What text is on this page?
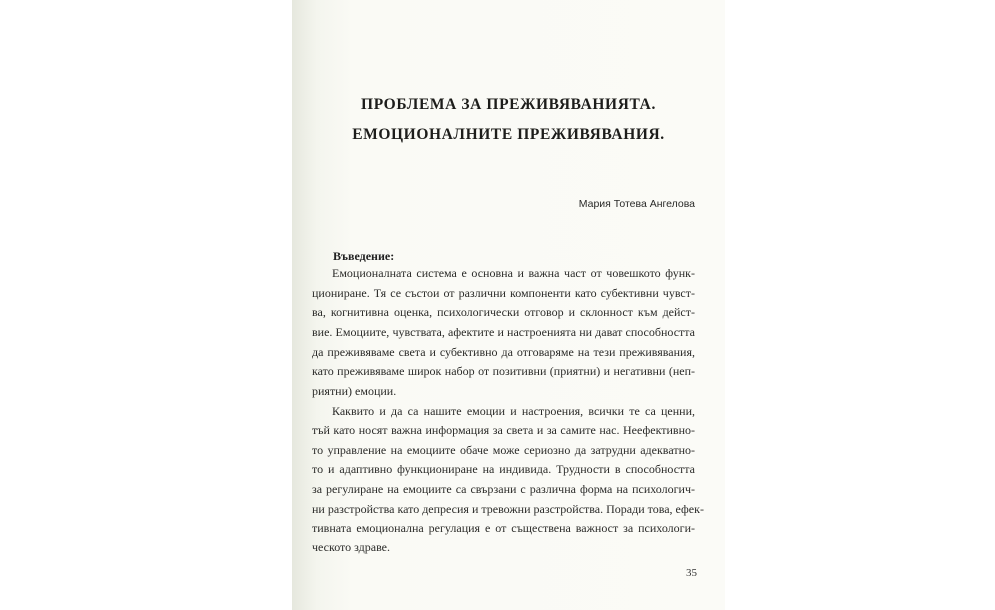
ПРОБЛЕМА ЗА ПРЕЖИВЯВАНИЯТА.
ЕМОЦИОНАЛНИТЕ ПРЕЖИВЯВАНИЯ.
Мария Тотева Ангелова
Въведение:
Емоционалната система е основна и важна част от човешкото функ-
циониране. Тя се състои от различни компоненти като субективни чувст-
ва, когнитивна оценка, психологически отговор и склонност към дейст-
вие. Емоциите, чувствата, афектите и настроенията ни дават способността
да преживяваме света и субективно да отговаряме на тези преживявания,
като преживяваме широк набор от позитивни (приятни) и негативни (неп-
риятни) емоции.
Каквито и да са нашите емоции и настроения, всички те са ценни,
тъй като носят важна информация за света и за самите нас. Неефективно-
то управление на емоциите обаче може сериозно да затрудни адекватно-
то и адаптивно функциониране на индивида. Трудности в способността
за регулиране на емоциите са свързани с различна форма на психологич-
ни разстройства като депресия и тревожни разстройства. Поради това, ефек-
тивната емоционална регулация е от съществена важност за психологи-
ческото здраве.
35
